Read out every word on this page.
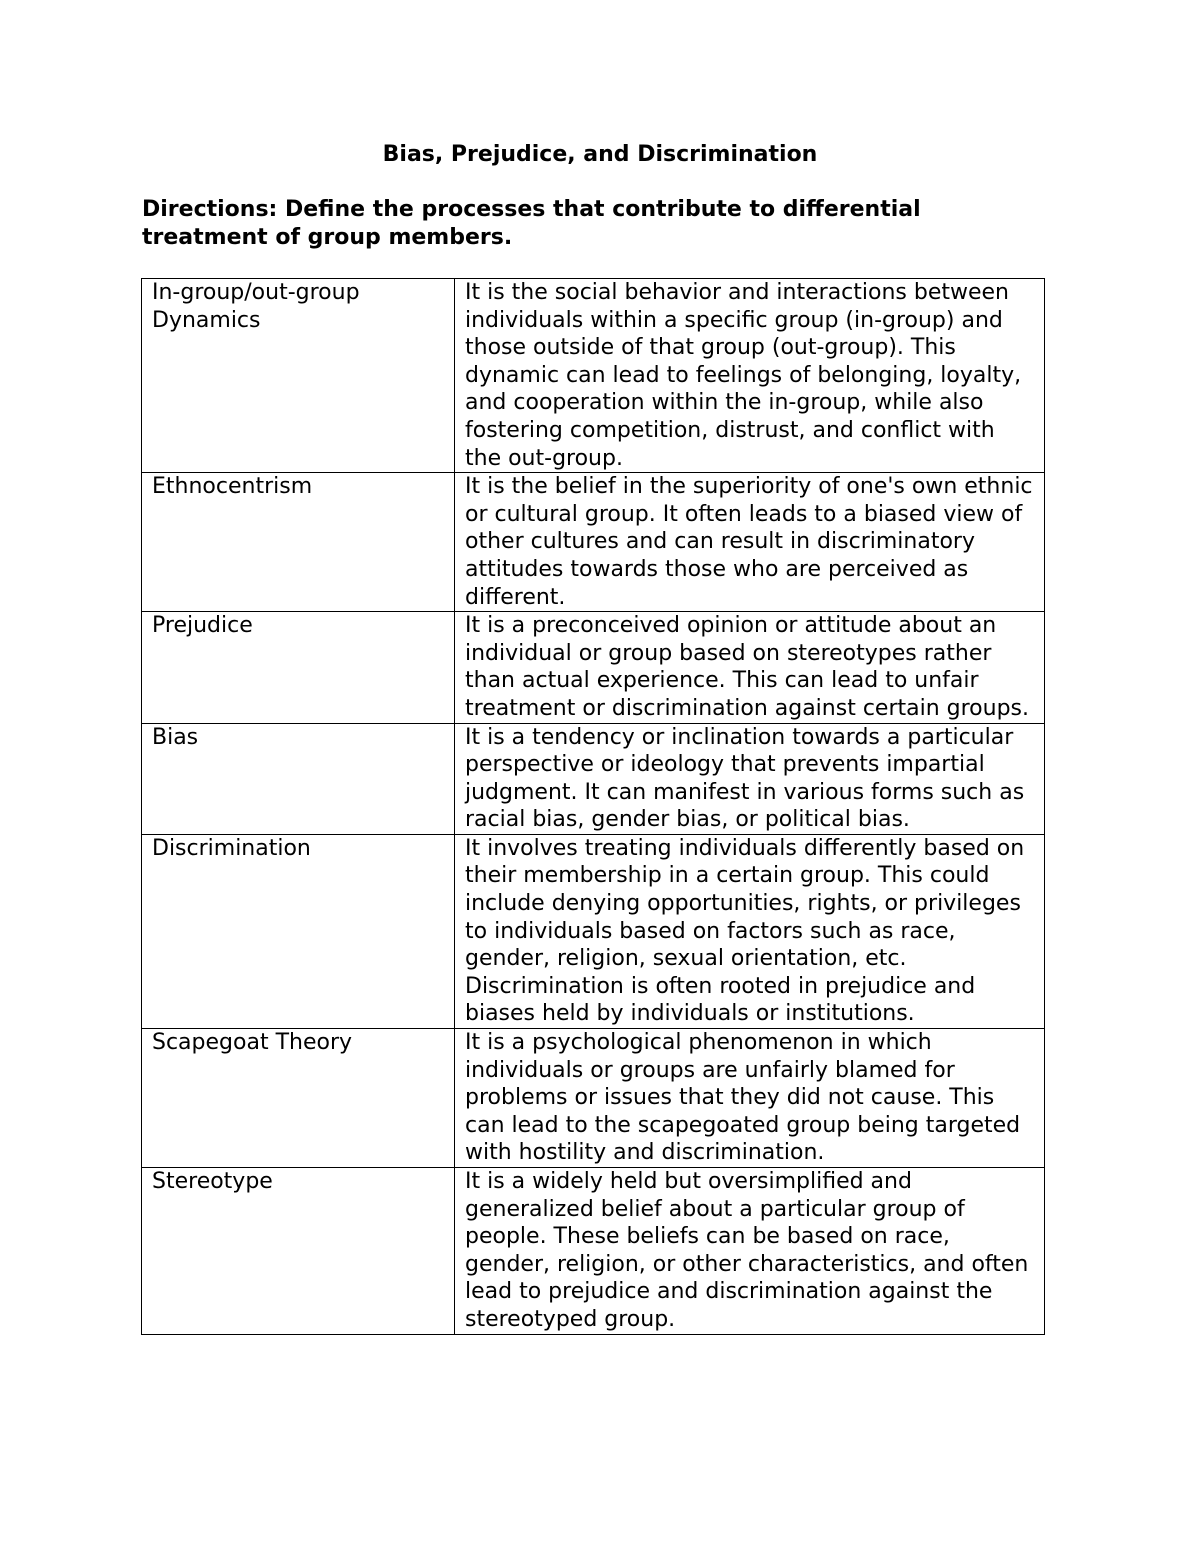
Bias, Prejudice, and Discrimination

Directions: Define the processes that contribute to differential treatment of group members.

In-group/out-group Dynamics	It is the social behavior and interactions between individuals within a specific group (in-group) and those outside of that group (out-group). This dynamic can lead to feelings of belonging, loyalty, and cooperation within the in-group, while also fostering competition, distrust, and conflict with the out-group.
Ethnocentrism	It is the belief in the superiority of one's own ethnic or cultural group. It often leads to a biased view of other cultures and can result in discriminatory attitudes towards those who are perceived as different.
Prejudice	It is a preconceived opinion or attitude about an individual or group based on stereotypes rather than actual experience. This can lead to unfair treatment or discrimination against certain groups.
Bias	It is a tendency or inclination towards a particular perspective or ideology that prevents impartial judgment. It can manifest in various forms such as racial bias, gender bias, or political bias.
Discrimination	It involves treating individuals differently based on their membership in a certain group. This could include denying opportunities, rights, or privileges to individuals based on factors such as race, gender, religion, sexual orientation, etc. Discrimination is often rooted in prejudice and biases held by individuals or institutions.
Scapegoat Theory	It is a psychological phenomenon in which individuals or groups are unfairly blamed for problems or issues that they did not cause. This can lead to the scapegoated group being targeted with hostility and discrimination.
Stereotype	It is a widely held but oversimplified and generalized belief about a particular group of people. These beliefs can be based on race, gender, religion, or other characteristics, and often lead to prejudice and discrimination against the stereotyped group.
